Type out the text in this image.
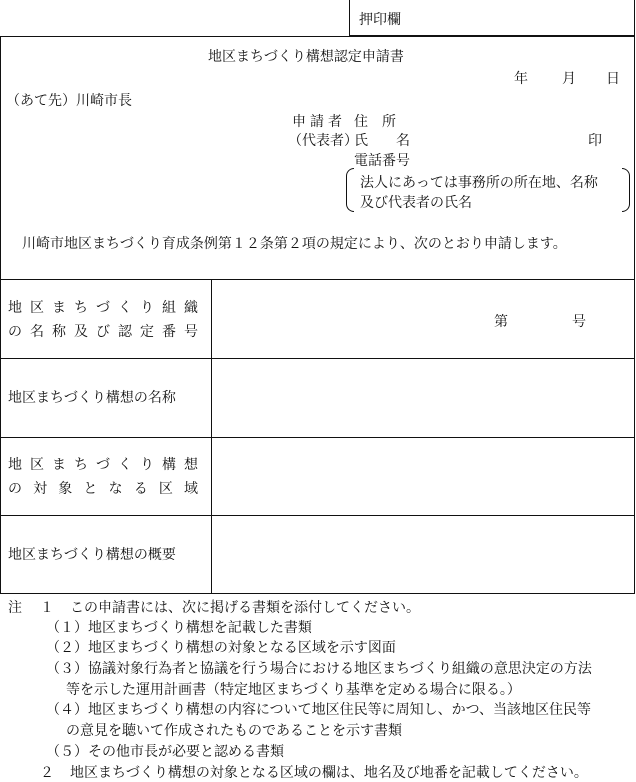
押印欄
地区まちづくり構想認定申請書
年 月 日
（あて先）川崎市長
申請者 住　所
（代表者）
氏　　名	印
電話番号
法人にあっては事務所の所在地、名称
及び代表者の氏名
川崎市地区まちづくり育成条例第１２条第２項の規定により、次のとおり申請します。
地 区 ま ち づ く り 組 織
の 名 称 及 び 認 定 番 号
第	号
地区まちづくり構想の名称
地 区 ま ち づ く り 構 想
の 対 象 と な る 区 域
地区まちづくり構想の概要
注 １ この申請書には、次に掲げる書類を添付してください。
（１）地区まちづくり構想を記載した書類
（２）地区まちづくり構想の対象となる区域を示す図面
（３）協議対象行為者と協議を行う場合における地区まちづくり組織の意思決定の方法
等を示した運用計画書（特定地区まちづくり基準を定める場合に限る。）
（４）地区まちづくり構想の内容について地区住民等に周知し、かつ、当該地区住民等
の意見を聴いて作成されたものであることを示す書類
（５）その他市長が必要と認める書類
２ 地区まちづくり構想の対象となる区域の欄は、地名及び地番を記載してください。
